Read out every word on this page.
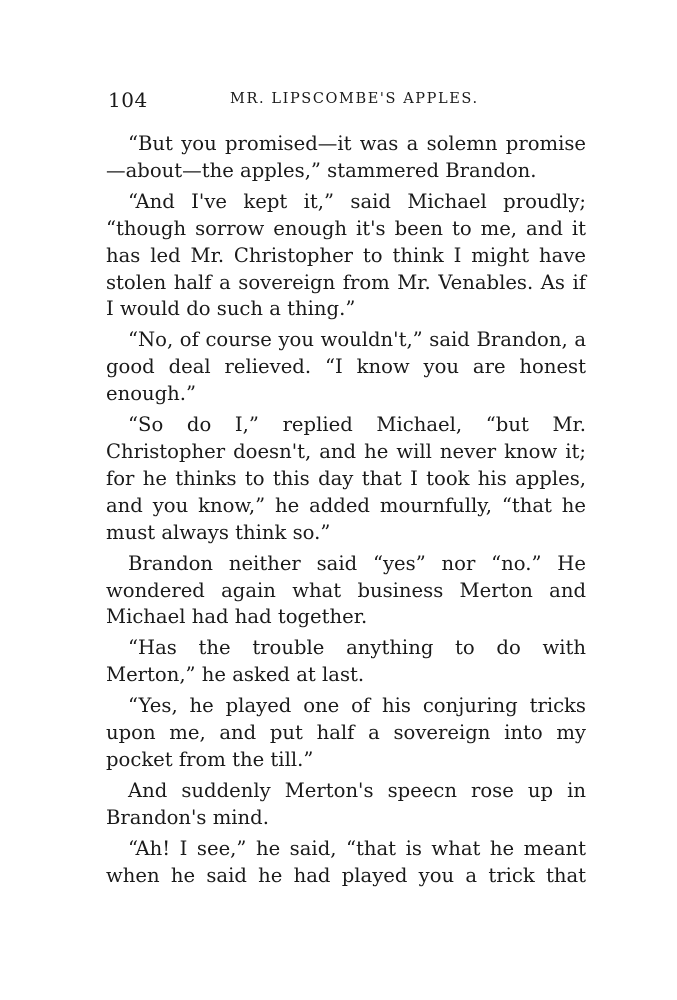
104	MR. LIPSCOMBE'S APPLES.

“But you promised—it was a solemn promise —about—the apples,” stammered Brandon.

“And I've kept it,” said Michael proudly; “though sorrow enough it's been to me, and it has led Mr. Christopher to think I might have stolen half a sovereign from Mr. Venables. As if I would do such a thing.”

“No, of course you wouldn't,” said Brandon, a good deal relieved. “I know you are honest enough.”

“So do I,” replied Michael, “but Mr. Christopher doesn't, and he will never know it; for he thinks to this day that I took his apples, and you know,” he added mournfully, “that he must always think so.”

Brandon neither said “yes” nor “no.” He wondered again what business Merton and Michael had had together.

“Has the trouble anything to do with Merton,” he asked at last.

“Yes, he played one of his conjuring tricks upon me, and put half a sovereign into my pocket from the till.”

And suddenly Merton's speecn rose up in Brandon's mind.

“Ah! I see,” he said, “that is what he meant when he said he had played you a trick that
